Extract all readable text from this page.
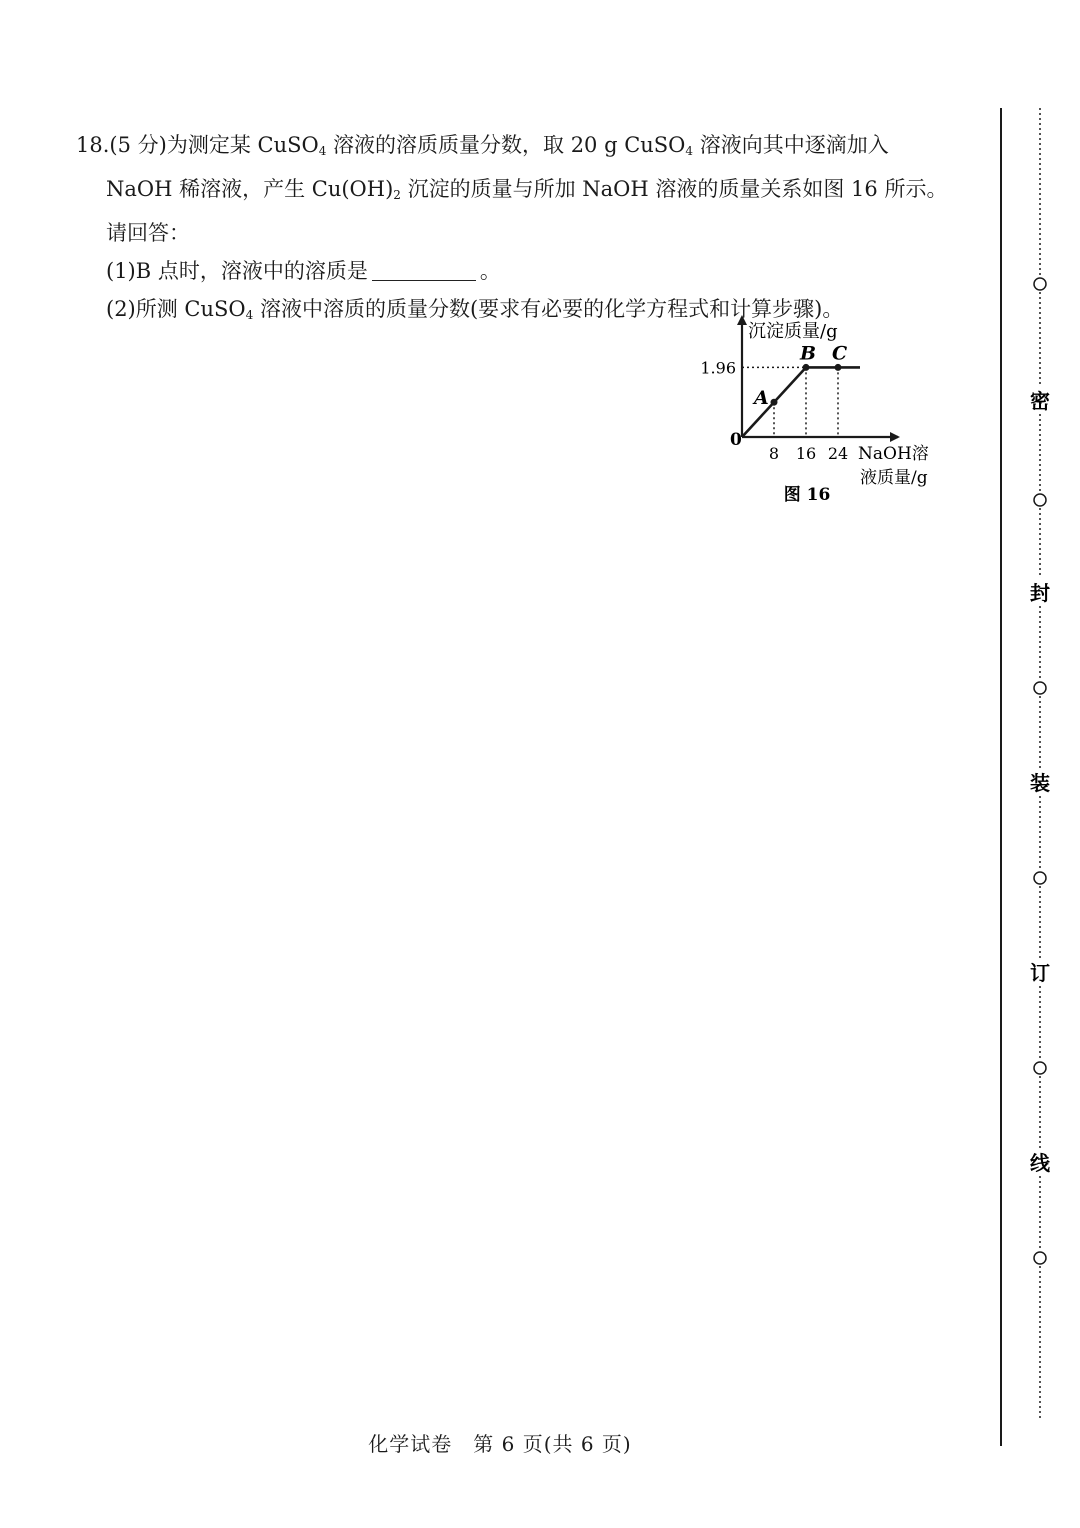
18.(5 分)为测定某 CuSO$_4$ 溶液的溶质质量分数，取 20 g CuSO$_4$ 溶液向其中逐滴加入
NaOH 稀溶液，产生 $Cu(OH)_2$ 沉淀的质量与所加 NaOH 溶液的质量关系如图 16 所示。
请回答：
(1)B 点时，溶液中的溶质是	。
(2)所测 CuSO$_4$ 溶液中溶质的质量分数(要求有必要的化学方程式和计算步骤)。
沉淀质量/g
NaOH溶
液质量/g
0
1.96
A
B C
8 16 24
图 16
化学试卷　第 6 页(共 6 页)
密
封
装
订
线
